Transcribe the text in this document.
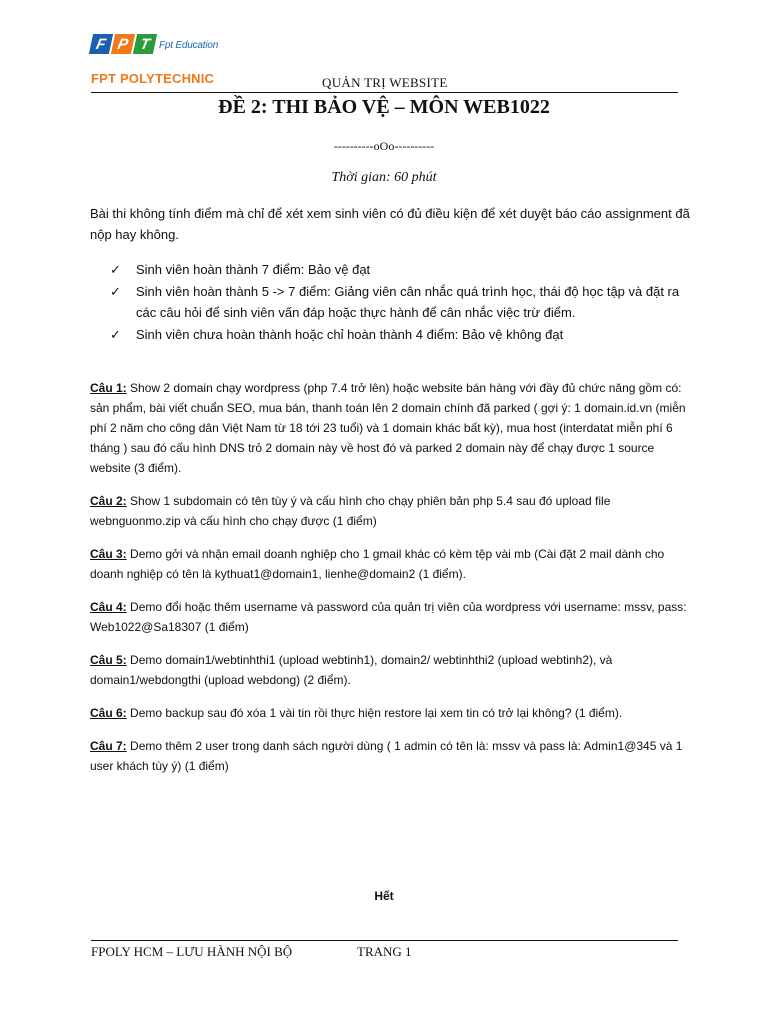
F P T Fpt Education
FPT POLYTECHNIC	QUẢN TRỊ WEBSITE
ĐỀ 2: THI BẢO VỆ – MÔN WEB1022
----------oOo----------
Thời gian: 60 phút
Bài thi không tính điểm mà chỉ để xét xem sinh viên có đủ điều kiện để xét duyệt báo cáo assignment đã nộp hay không.
✓ Sinh viên hoàn thành 7 điểm: Bảo vệ đạt
✓ Sinh viên hoàn thành 5 -> 7 điểm: Giảng viên cân nhắc quá trình học, thái độ học tập và đặt ra các câu hỏi để sinh viên vấn đáp hoặc thực hành để cân nhắc việc trừ điểm.
✓ Sinh viên chưa hoàn thành hoặc chỉ hoàn thành 4 điểm: Bảo vệ không đạt

Câu 1: Show 2 domain chạy wordpress (php 7.4 trở lên) hoặc website bán hàng với đầy đủ chức năng gồm có: sản phẩm, bài viết chuẩn SEO, mua bán, thanh toán lên 2 domain chính đã parked ( gợi ý: 1 domain.id.vn (miễn phí 2 năm cho công dân Việt Nam từ 18 tới 23 tuổi) và 1 domain khác bất kỳ), mua host (interdatat miễn phí 6 tháng ) sau đó cấu hình DNS trỏ 2 domain này về host đó và parked 2 domain này để chạy được 1 source website (3 điểm).

Câu 2: Show 1 subdomain có tên tùy ý và cấu hình cho chạy phiên bản php 5.4 sau đó upload file webnguonmo.zip và cấu hình cho chạy được (1 điểm)

Câu 3: Demo gởi và nhận email doanh nghiệp cho 1 gmail khác có kèm tệp vài mb (Cài đặt 2 mail dành cho doanh nghiệp có tên là kythuat1@domain1, lienhe@domain2 (1 điểm).

Câu 4: Demo đổi hoặc thêm username và password của quản trị viên của wordpress với username: mssv, pass: Web1022@Sa18307 (1 điểm)

Câu 5: Demo domain1/webtinhthi1 (upload webtinh1), domain2/ webtinhthi2 (upload webtinh2), và domain1/webdongthi (upload webdong) (2 điểm).

Câu 6: Demo backup sau đó xóa 1 vài tin rồi thực hiện restore lại xem tin có trở lại không? (1 điểm).

Câu 7: Demo thêm 2 user trong danh sách người dùng ( 1 admin có tên là: mssv và pass là: Admin1@345 và 1 user khách tùy ý) (1 điểm)

Hết
FPOLY HCM – LƯU HÀNH NỘI BỘ	TRANG 1
